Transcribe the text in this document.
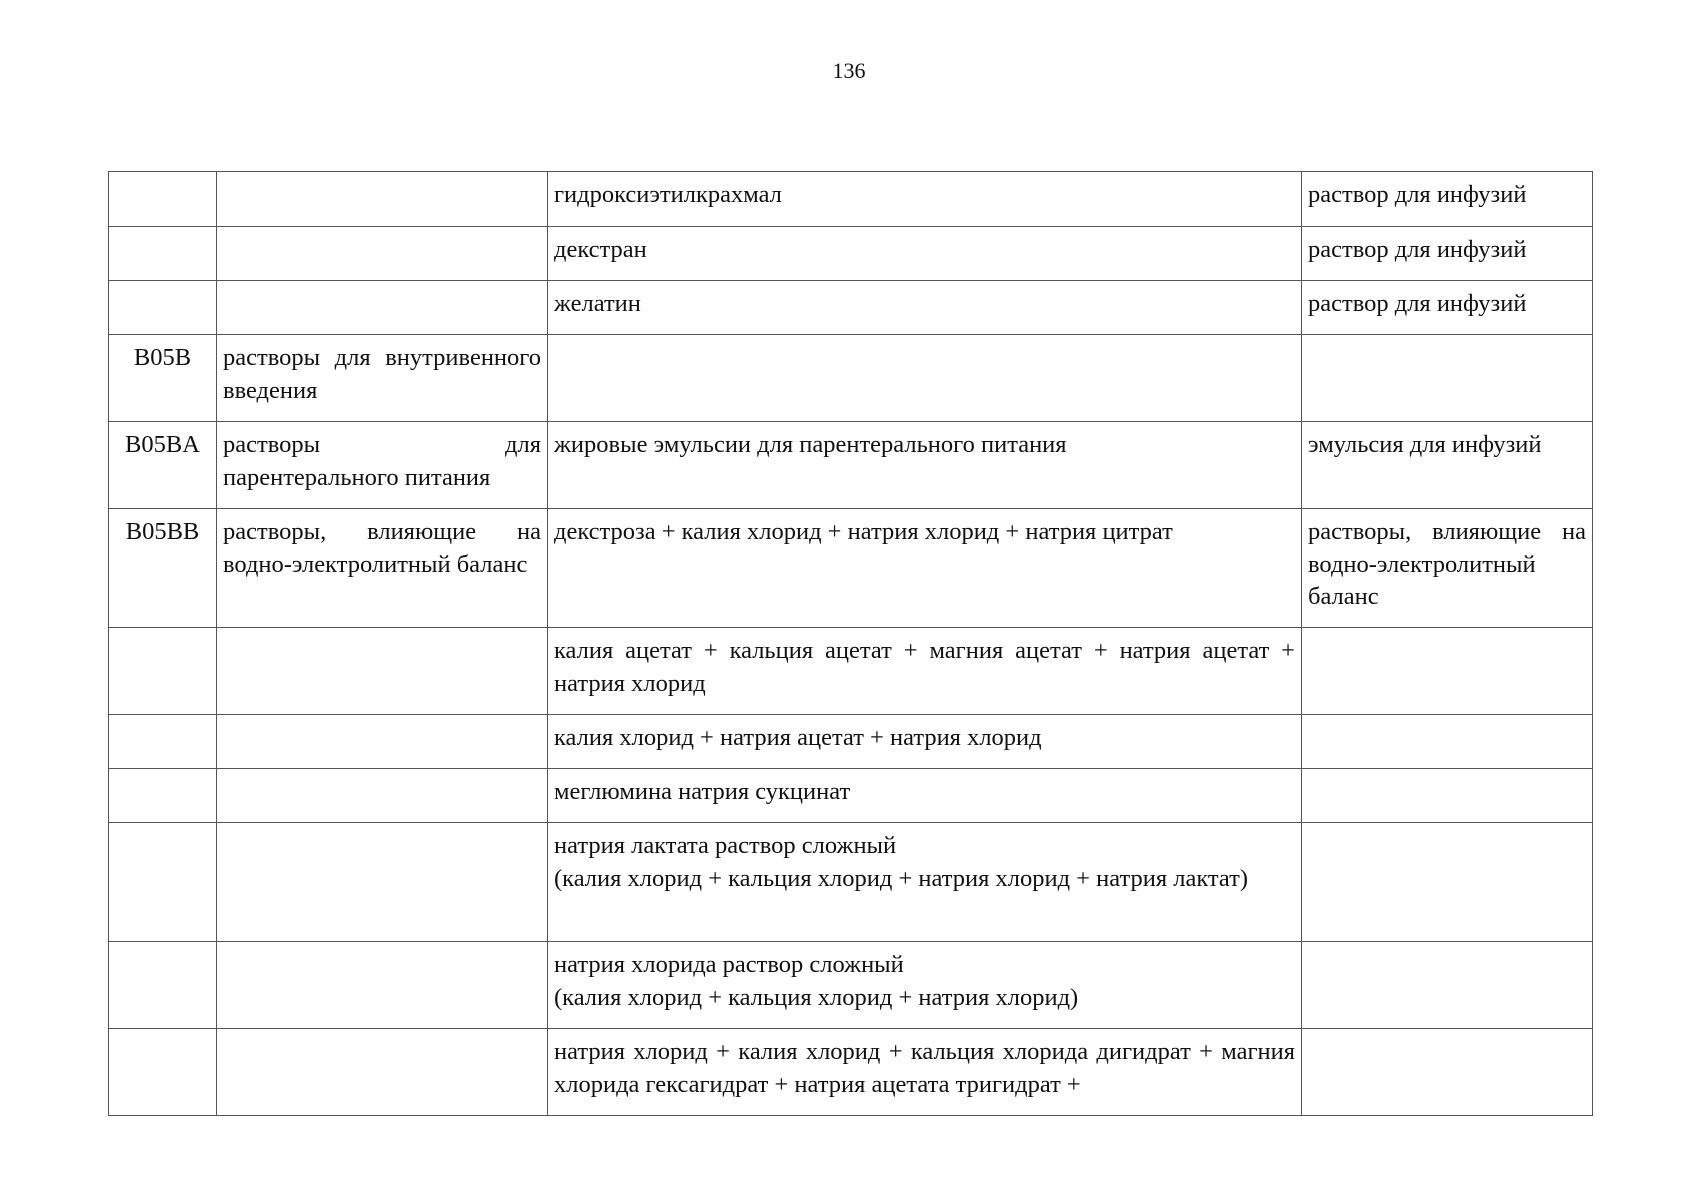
136
		гидроксиэтилкрахмал	раствор для инфузий
		декстран	раствор для инфузий
		желатин	раствор для инфузий
B05B	растворы для внутривенного введения		
B05BA	растворы для парентерального питания	жировые эмульсии для парентерального питания	эмульсия для инфузий
B05BB	растворы, влияющие на водно-электролитный баланс	декстроза + калия хлорид + натрия хлорид + натрия цитрат	растворы, влияющие на водно-электролитный баланс
		калия ацетат + кальция ацетат + магния ацетат + натрия ацетат + натрия хлорид	
		калия хлорид + натрия ацетат + натрия хлорид	
		меглюмина натрия сукцинат	

		натрия лактата раствор сложный
(калия хлорид + кальция хлорид + натрия хлорид + натрия лактат)	

		натрия хлорида раствор сложный
(калия хлорид + кальция хлорид + натрия хлорид)	

		натрия хлорид + калия хлорид + кальция хлорида дигидрат + магния хлорида гексагидрат + натрия ацетата тригидрат +	
